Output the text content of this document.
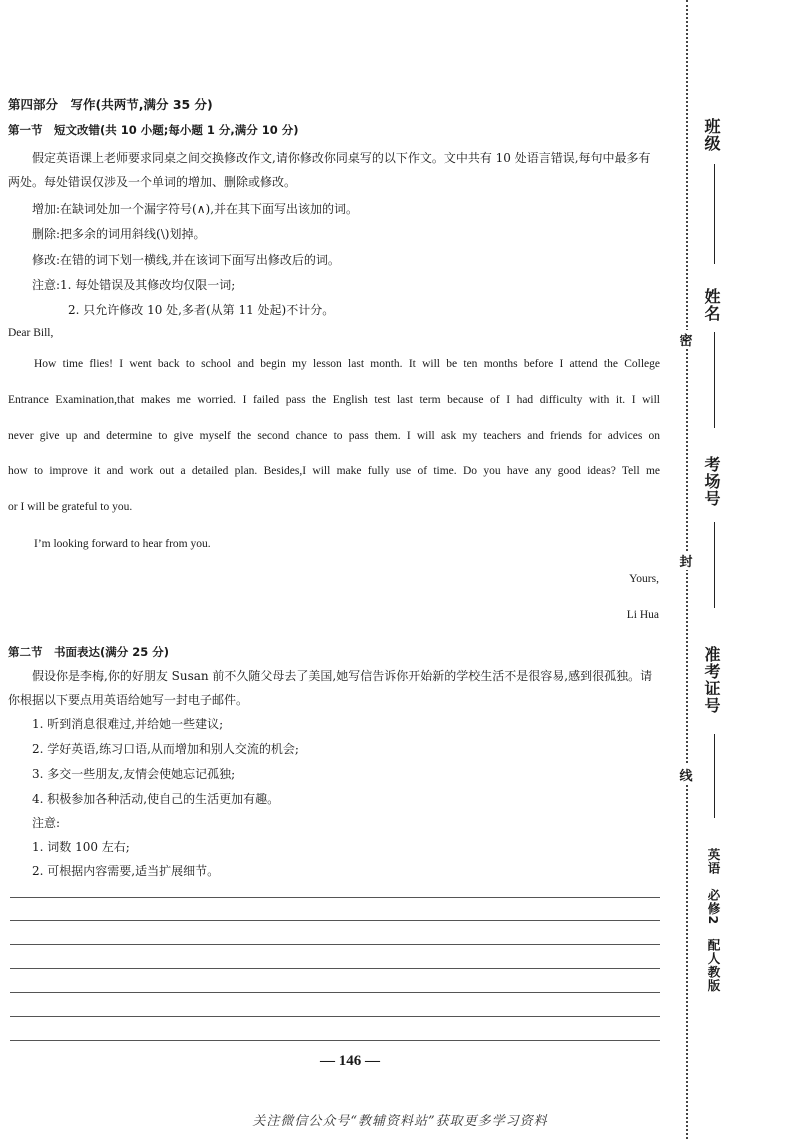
第四部分　写作(共两节,满分 35 分)
第一节　短文改错(共 10 小题;每小题 1 分,满分 10 分)
假定英语课上老师要求同桌之间交换修改作文,请你修改你同桌写的以下作文。文中共有 10 处语言错误,每句中最多有两处。每处错误仅涉及一个单词的增加、删除或修改。
增加:在缺词处加一个漏字符号(∧),并在其下面写出该加的词。
删除:把多余的词用斜线(\)划掉。
修改:在错的词下划一横线,并在该词下面写出修改后的词。
注意:1. 每处错误及其修改均仅限一词;
　　　2. 只允许修改 10 处,多者(从第 11 处起)不计分。
Dear Bill,
How time flies! I went back to school and begin my lesson last month. It will be ten months before I attend the College
Entrance Examination,that makes me worried. I failed pass the English test last term because of I had difficulty with it. I will
never give up and determine to give myself the second chance to pass them. I will ask my teachers and friends for advices on
how to improve it and work out a detailed plan. Besides,I will make fully use of time. Do you have any good ideas? Tell me
or I will be grateful to you.
I’m looking forward to hear from you.
Yours,
Li Hua
第二节　书面表达(满分 25 分)
假设你是李梅,你的好朋友 Susan 前不久随父母去了美国,她写信告诉你开始新的学校生活不是很容易,感到很孤独。请你根据以下要点用英语给她写一封电子邮件。
1. 听到消息很难过,并给她一些建议;
2. 学好英语,练习口语,从而增加和别人交流的机会;
3. 多交一些朋友,友情会使她忘记孤独;
4. 积极参加各种活动,使自己的生活更加有趣。
注意:
1. 词数 100 左右;
2. 可根据内容需要,适当扩展细节。
— 146 —
关注微信公众号“教辅资料站”获取更多学习资料
班级
姓名
考场号
准考证号
密
封
线
英语　必修2　配人教版
